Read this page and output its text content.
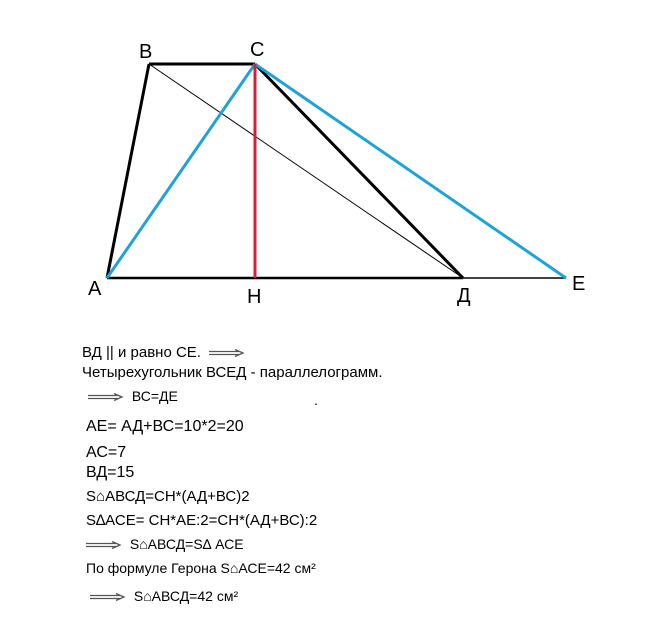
В	С
А	Н	Д
Е
ВД || и равно СЕ.
Четырехугольник ВСЕД - параллелограмм.
ВС=ДЕ	.
АЕ= АД+ВС=10*2=20
АС=7
ВД=15
S⌂АВСД=СН*(АД+ВС)2
S∆АСЕ= СН*АЕ:2=СН*(АД+ВС):2
S⌂АВСД=S∆ АСЕ
По формуле Герона S⌂АСЕ=42 см²
S⌂АВСД=42 см²
